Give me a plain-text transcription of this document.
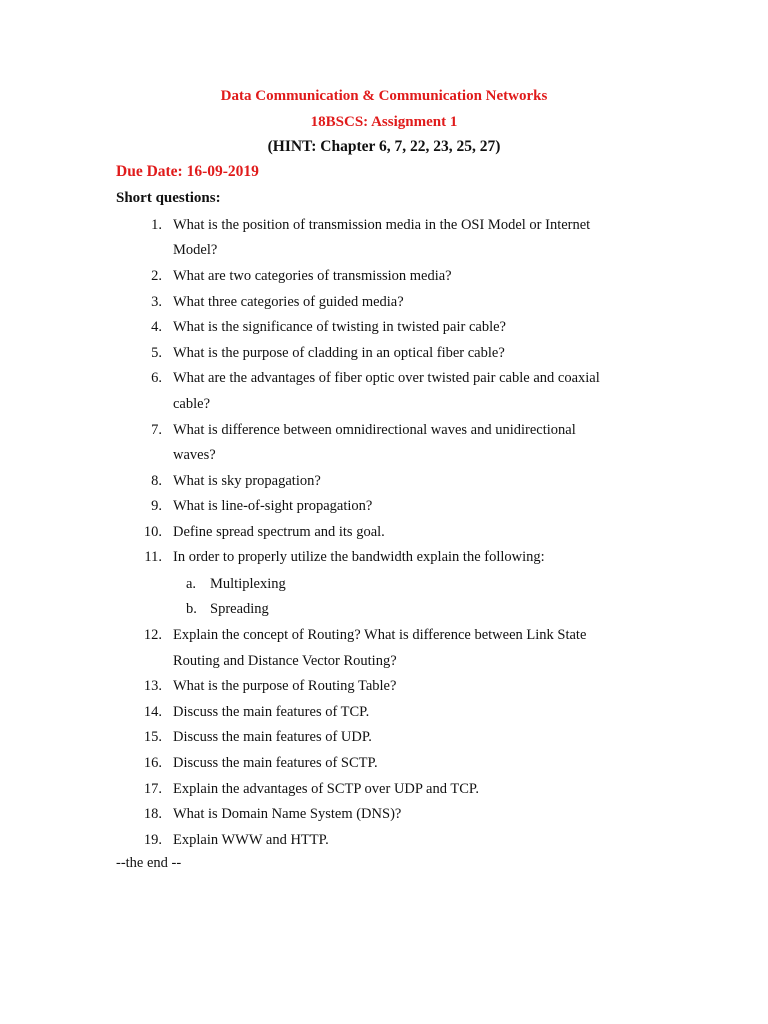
Data Communication & Communication Networks
18BSCS: Assignment 1
(HINT: Chapter 6, 7, 22, 23, 25, 27)
Due Date: 16-09-2019
Short questions:
1. What is the position of transmission media in the OSI Model or Internet
Model?
2. What are two categories of transmission media?
3. What three categories of guided media?
4. What is the significance of twisting in twisted pair cable?
5. What is the purpose of cladding in an optical fiber cable?
6. What are the advantages of fiber optic over twisted pair cable and coaxial
cable?
7. What is difference between omnidirectional waves and unidirectional
waves?
8. What is sky propagation?
9. What is line-of-sight propagation?
10. Define spread spectrum and its goal.
11. In order to properly utilize the bandwidth explain the following:
a. Multiplexing
b. Spreading
12. Explain the concept of Routing? What is difference between Link State
Routing and Distance Vector Routing?
13. What is the purpose of Routing Table?
14. Discuss the main features of TCP.
15. Discuss the main features of UDP.
16. Discuss the main features of SCTP.
17. Explain the advantages of SCTP over UDP and TCP.
18. What is Domain Name System (DNS)?
19. Explain WWW and HTTP.
--the end --
